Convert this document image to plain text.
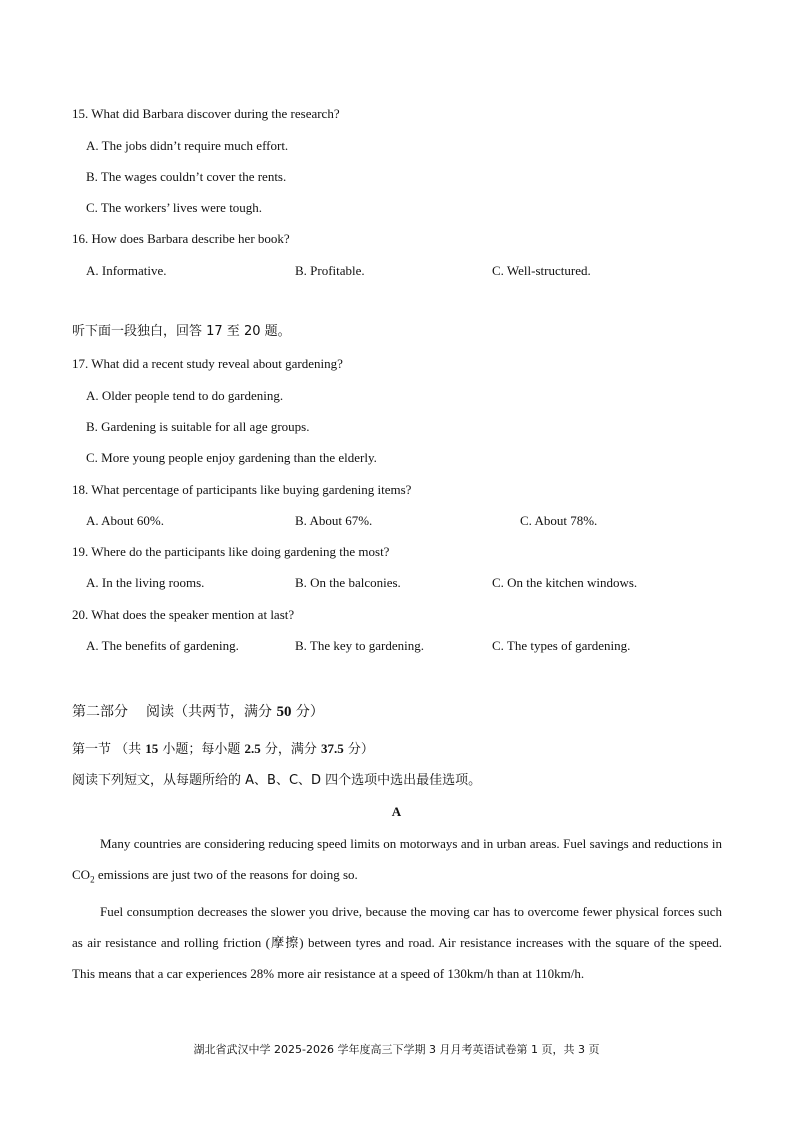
15. What did Barbara discover during the research?
A. The jobs didn’t require much effort.
B. The wages couldn’t cover the rents.
C. The workers’ lives were tough.
16. How does Barbara describe her book?
A. Informative.	B. Profitable.	C. Well-structured.
听下面一段独白，回答 17 至 20 题。
17. What did a recent study reveal about gardening?
A. Older people tend to do gardening.
B. Gardening is suitable for all age groups.
C. More young people enjoy gardening than the elderly.
18. What percentage of participants like buying gardening items?
A. About 60%.	B. About 67%.	C. About 78%.
19. Where do the participants like doing gardening the most?
A. In the living rooms.	B. On the balconies.	C. On the kitchen windows.
20. What does the speaker mention at last?
A. The benefits of gardening.	B. The key to gardening.	C. The types of gardening.
第二部分 阅读（共两节，满分 50 分）
第一节 （共 15 小题；每小题 2.5 分，满分 37.5 分）
阅读下列短文，从每题所给的 A、B、C、D 四个选项中选出最佳选项。
A

Many countries are considering reducing speed limits on motorways and in urban areas. Fuel savings and reductions in $CO_2$ emissions are just two of the reasons for doing so.

Fuel consumption decreases the slower you drive, because the moving car has to overcome fewer physical forces such as air resistance and rolling friction (摩擦) between tyres and road. Air resistance increases with the square of the speed. This means that a car experiences 28% more air resistance at a speed of 130km/h than at 110km/h.

湖北省武汉中学 2025-2026 学年度高三下学期 3 月月考英语试卷第 1 页，共 3 页
